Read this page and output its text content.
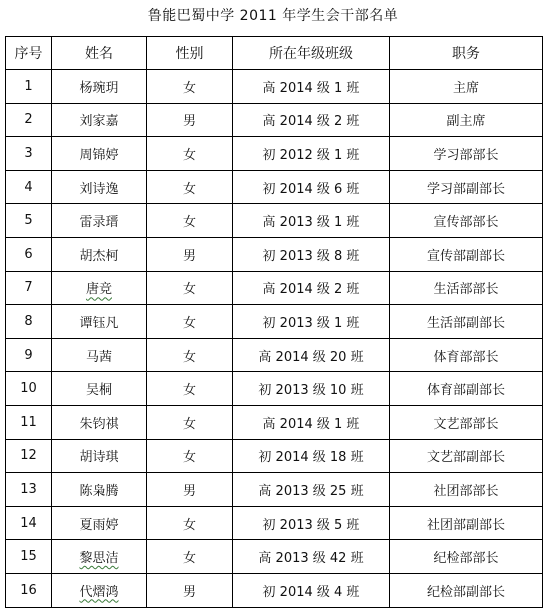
鲁能巴蜀中学 2011 年学生会干部名单
序号	姓名	性别	所在年级班级	职务
1	杨琬玥	女	高 2014 级 1 班	主席
2	刘家嘉	男	高 2014 级 2 班	副主席
3	周锦婷	女	初 2012 级 1 班	学习部部长
4	刘诗逸	女	初 2014 级 6 班	学习部副部长
5	雷录瑨	女	高 2013 级 1 班	宣传部部长
6	胡杰柯	男	初 2013 级 8 班	宣传部副部长
7	唐竞	女	高 2014 级 2 班	生活部部长
8	谭钰凡	女	初 2013 级 1 班	生活部副部长
9	马茜	女	高 2014 级 20 班	体育部部长
10	吴桐	女	初 2013 级 10 班	体育部副部长
11	朱钧祺	女	高 2014 级 1 班	文艺部部长
12	胡诗琪	女	初 2014 级 18 班	文艺部副部长
13	陈枭腾	男	高 2013 级 25 班	社团部部长
14	夏雨婷	女	初 2013 级 5 班	社团部副部长
15	黎思洁	女	高 2013 级 42 班	纪检部部长
16	代熠鸿	男	初 2014 级 4 班	纪检部副部长
